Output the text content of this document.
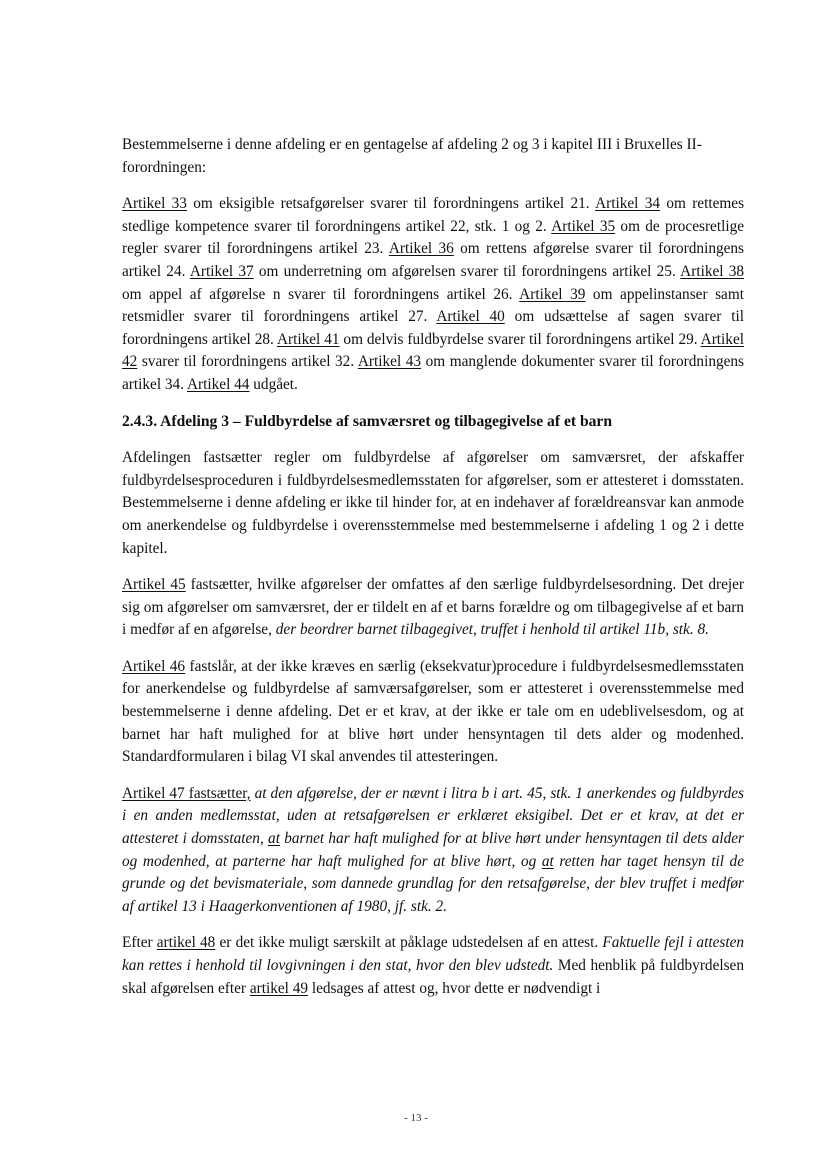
Bestemmelserne i denne afdeling er en gentagelse af afdeling 2 og 3 i kapitel III i Bruxelles II-forordningen:

Artikel 33 om eksigible retsafgørelser svarer til forordningens artikel 21. Artikel 34 om rettemes stedlige kompetence svarer til forordningens artikel 22, stk. 1 og 2. Artikel 35 om de procesretlige regler svarer til forordningens artikel 23. Artikel 36 om rettens afgørelse svarer til forordningens artikel 24. Artikel 37 om underretning om afgørelsen svarer til forordningens artikel 25. Artikel 38 om appel af afgørelse n svarer til forordningens artikel 26. Artikel 39 om appelinstanser samt retsmidler svarer til forordningens artikel 27. Artikel 40 om udsættelse af sagen svarer til forordningens artikel 28. Artikel 41 om delvis fuldbyrdelse svarer til forordningens artikel 29. Artikel 42 svarer til forordningens artikel 32. Artikel 43 om manglende dokumenter svarer til forordningens artikel 34. Artikel 44 udgået.

2.4.3. Afdeling 3 – Fuldbyrdelse af samværsret og tilbagegivelse af et barn

Afdelingen fastsætter regler om fuldbyrdelse af afgørelser om samværsret, der afskaffer fuldbyrdelsesproceduren i fuldbyrdelsesmedlemsstaten for afgørelser, som er attesteret i domsstaten. Bestemmelserne i denne afdeling er ikke til hinder for, at en indehaver af forældreansvar kan anmode om anerkendelse og fuldbyrdelse i overensstemmelse med bestemmelserne i afdeling 1 og 2 i dette kapitel.

Artikel 45 fastsætter, hvilke afgørelser der omfattes af den særlige fuldbyrdelsesordning. Det drejer sig om afgørelser om samværsret, der er tildelt en af et barns forældre og om tilbagegivelse af et barn i medfør af en afgørelse, der beordrer barnet tilbagegivet, truffet i henhold til artikel 11b, stk. 8.

Artikel 46 fastslår, at der ikke kræves en særlig (eksekvatur)procedure i fuldbyrdelsesmedlemsstaten for anerkendelse og fuldbyrdelse af samværsafgørelser, som er attesteret i overensstemmelse med bestemmelserne i denne afdeling. Det er et krav, at der ikke er tale om en udeblivelsesdom, og at barnet har haft mulighed for at blive hørt under hensyntagen til dets alder og modenhed. Standardformularen i bilag VI skal anvendes til attesteringen.

Artikel 47 fastsætter, at den afgørelse, der er nævnt i litra b i art. 45, stk. 1 anerkendes og fuldbyrdes i en anden medlemsstat, uden at retsafgørelsen er erklæret eksigibel. Det er et krav, at det er attesteret i domsstaten, at barnet har haft mulighed for at blive hørt under hensyntagen til dets alder og modenhed, at parterne har haft mulighed for at blive hørt, og at retten har taget hensyn til de grunde og det bevismateriale, som dannede grundlag for den retsafgørelse, der blev truffet i medfør af artikel 13 i Haagerkonventionen af 1980, jf. stk. 2.

Efter artikel 48 er det ikke muligt særskilt at påklage udstedelsen af en attest. Faktuelle fejl i attesten kan rettes i henhold til lovgivningen i den stat, hvor den blev udstedt. Med henblik på fuldbyrdelsen skal afgørelsen efter artikel 49 ledsages af attest og, hvor dette er nødvendigt i

- 13 -
